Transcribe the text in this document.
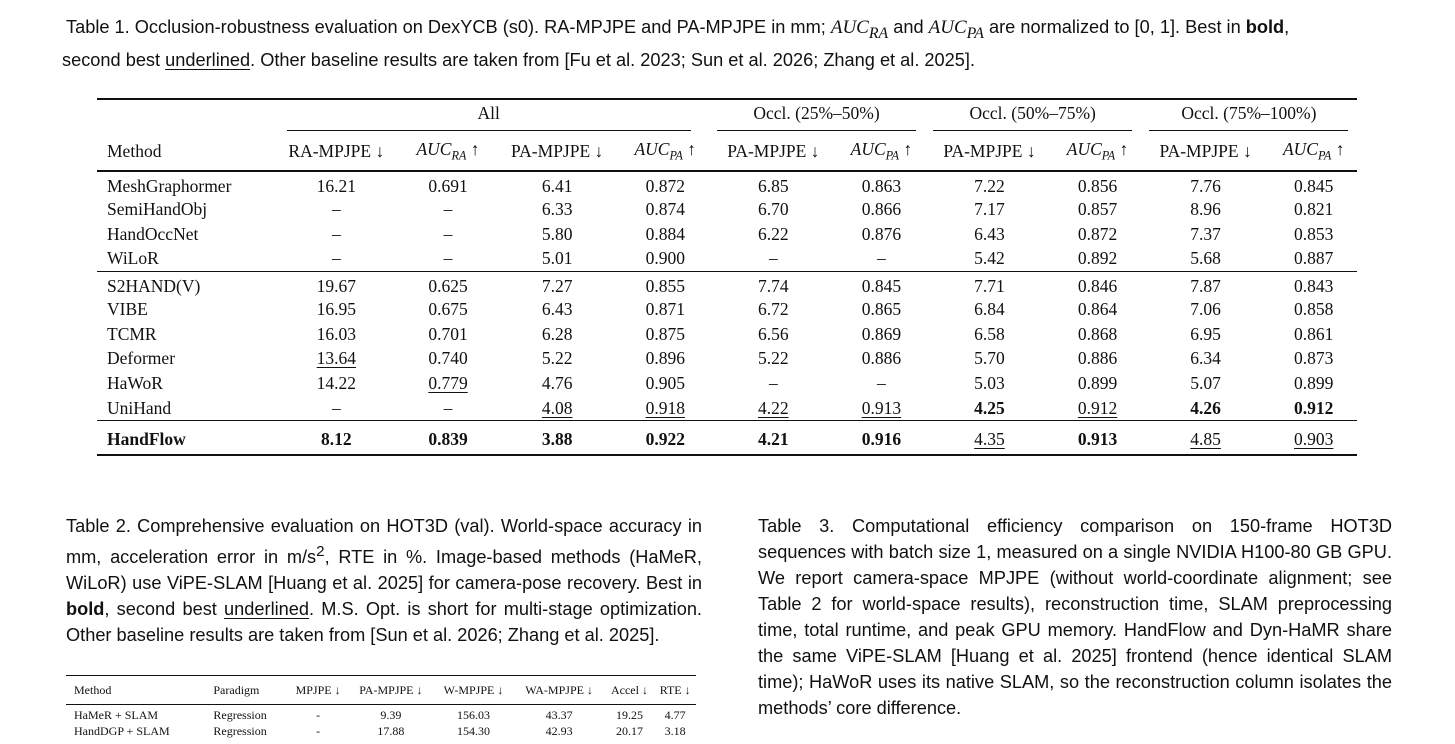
Table 1. Occlusion-robustness evaluation on DexYCB (s0). RA-MPJPE and PA-MPJPE in mm; $AUC_{RA}$ and $AUC_{PA}$ are normalized to [0, 1]. Best in bold,
second best underlined. Other baseline results are taken from [Fu et al. 2023; Sun et al. 2026; Zhang et al. 2025].
	All				Occl. (25%–50%)		Occl. (50%–75%)		Occl. (75%–100%)	
Method	RA-MPJPE ↓	$AUC_{RA}$ ↑	PA-MPJPE ↓	$AUC_{PA}$ ↑	PA-MPJPE ↓	$AUC_{PA}$ ↑	PA-MPJPE ↓	$AUC_{PA}$ ↑	PA-MPJPE ↓	$AUC_{PA}$ ↑
MeshGraphormer	16.21	0.691	6.41	0.872	6.85	0.863	7.22	0.856	7.76	0.845
SemiHandObj	–	–	6.33	0.874	6.70	0.866	7.17	0.857	8.96	0.821
HandOccNet	–	–	5.80	0.884	6.22	0.876	6.43	0.872	7.37	0.853
WiLoR	–	–	5.01	0.900	–	–	5.42	0.892	5.68	0.887
S2HAND(V)	19.67	0.625	7.27	0.855	7.74	0.845	7.71	0.846	7.87	0.843
VIBE	16.95	0.675	6.43	0.871	6.72	0.865	6.84	0.864	7.06	0.858
TCMR	16.03	0.701	6.28	0.875	6.56	0.869	6.58	0.868	6.95	0.861
Deformer	13.64	0.740	5.22	0.896	5.22	0.886	5.70	0.886	6.34	0.873
HaWoR	14.22	0.779	4.76	0.905	–	–	5.03	0.899	5.07	0.899
UniHand	–	–	4.08	0.918	4.22	0.913	4.25	0.912	4.26	0.912
HandFlow	8.12	0.839	3.88	0.922	4.21	0.916	4.35	0.913	4.85	0.903
Table 2. Comprehensive evaluation on HOT3D (val). World-space accuracy in mm, acceleration error in $m/s^2$, RTE in %. Image-based methods (HaMeR, WiLoR) use ViPE-SLAM [Huang et al. 2025] for camera-pose recovery. Best in bold, second best underlined. M.S. Opt. is short for multi-stage optimization. Other baseline results are taken from [Sun et al. 2026; Zhang et al. 2025].
Method	Paradigm	MPJPE ↓	PA-MPJPE ↓	W-MPJPE ↓	WA-MPJPE ↓	Accel ↓	RTE ↓
HaMeR + SLAM	Regression	-	9.39	156.03	43.37	19.25	4.77
HandDGP + SLAM	Regression	-	17.88	154.30	42.93	20.17	3.18
Table 3. Computational efficiency comparison on 150-frame HOT3D sequences with batch size 1, measured on a single NVIDIA H100-80 GB GPU. We report camera-space MPJPE (without world-coordinate alignment; see Table 2 for world-space results), reconstruction time, SLAM preprocessing time, total runtime, and peak GPU memory. HandFlow and Dyn-HaMR share the same ViPE-SLAM [Huang et al. 2025] frontend (hence identical SLAM time); HaWoR uses its native SLAM, so the reconstruction column isolates the methods’ core difference.
